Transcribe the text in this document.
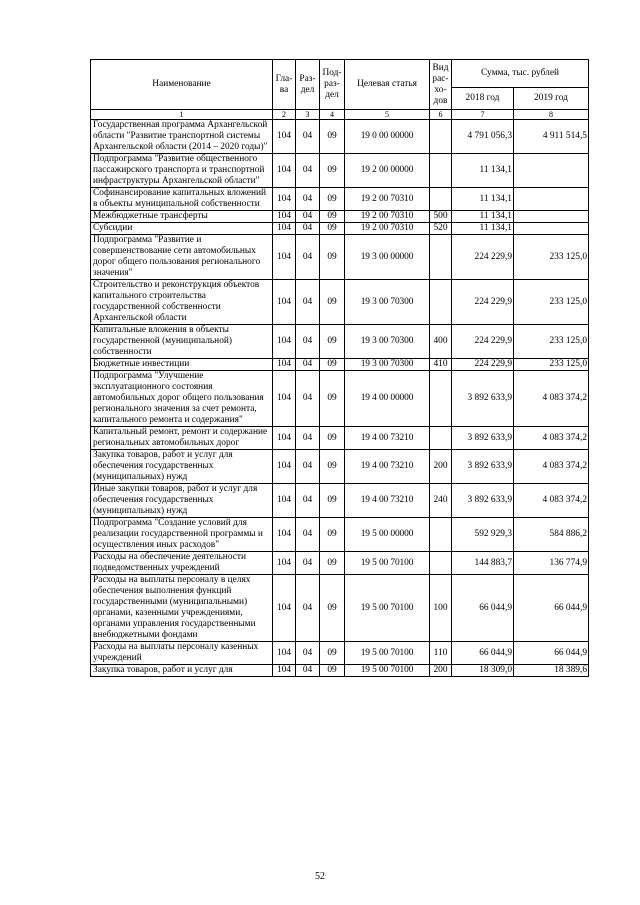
Наименование	Гла-ва	Раз-дел	Под-раз-дел	Целевая статья	Вид рас-хо-дов	Сумма, тыс. рублей	
						2018 год	2019 год
1	2	3	4	5	6	7	8
Государственная программа Архангельской области "Развитие транспортной системы Архангельской области (2014 – 2020 годы)"	104	04	09	19 0 00 00000		4 791 056,3	4 911 514,5
Подпрограмма "Развитие общественного пассажирского транспорта и транспортной инфраструктуры Архангельской области"	104	04	09	19 2 00 00000		11 134,1	
Софинансирование капитальных вложений в объекты муниципальной собственности	104	04	09	19 2 00 70310		11 134,1	
Межбюджетные трансферты	104	04	09	19 2 00 70310	500	11 134,1	
Субсидии	104	04	09	19 2 00 70310	520	11 134,1	
Подпрограмма "Развитие и совершенствование сети автомобильных дорог общего пользования регионального значения"	104	04	09	19 3 00 00000		224 229,9	233 125,0
Строительство и реконструкция объектов капитального строительства государственной собственности Архангельской области	104	04	09	19 3 00 70300		224 229,9	233 125,0
Капитальные вложения в объекты государственной (муниципальной) собственности	104	04	09	19 3 00 70300	400	224 229,9	233 125,0
Бюджетные инвестиции	104	04	09	19 3 00 70300	410	224 229,9	233 125,0
Подпрограмма "Улучшение эксплуатационного состояния автомобильных дорог общего пользования регионального значения за счет ремонта, капитального ремонта и содержания"	104	04	09	19 4 00 00000		3 892 633,9	4 083 374,2
Капитальный ремонт, ремонт и содержание региональных автомобильных дорог	104	04	09	19 4 00 73210		3 892 633,9	4 083 374,2
Закупка товаров, работ и услуг для обеспечения государственных (муниципальных) нужд	104	04	09	19 4 00 73210	200	3 892 633,9	4 083 374,2
Иные закупки товаров, работ и услуг для обеспечения государственных (муниципальных) нужд	104	04	09	19 4 00 73210	240	3 892 633,9	4 083 374,2
Подпрограмма "Создание условий для реализации государственной программы и осуществления иных расходов"	104	04	09	19 5 00 00000		592 929,3	584 886,2
Расходы на обеспечение деятельности подведомственных учреждений	104	04	09	19 5 00 70100		144 883,7	136 774,9
Расходы на выплаты персоналу в целях обеспечения выполнения функций государственными (муниципальными) органами, казенными учреждениями, органами управления государственными внебюджетными фондами	104	04	09	19 5 00 70100	100	66 044,9	66 044,9
Расходы на выплаты персоналу казенных учреждений	104	04	09	19 5 00 70100	110	66 044,9	66 044,9
Закупка товаров, работ и услуг для	104	04	09	19 5 00 70100	200	18 309,0	18 389,6
52
